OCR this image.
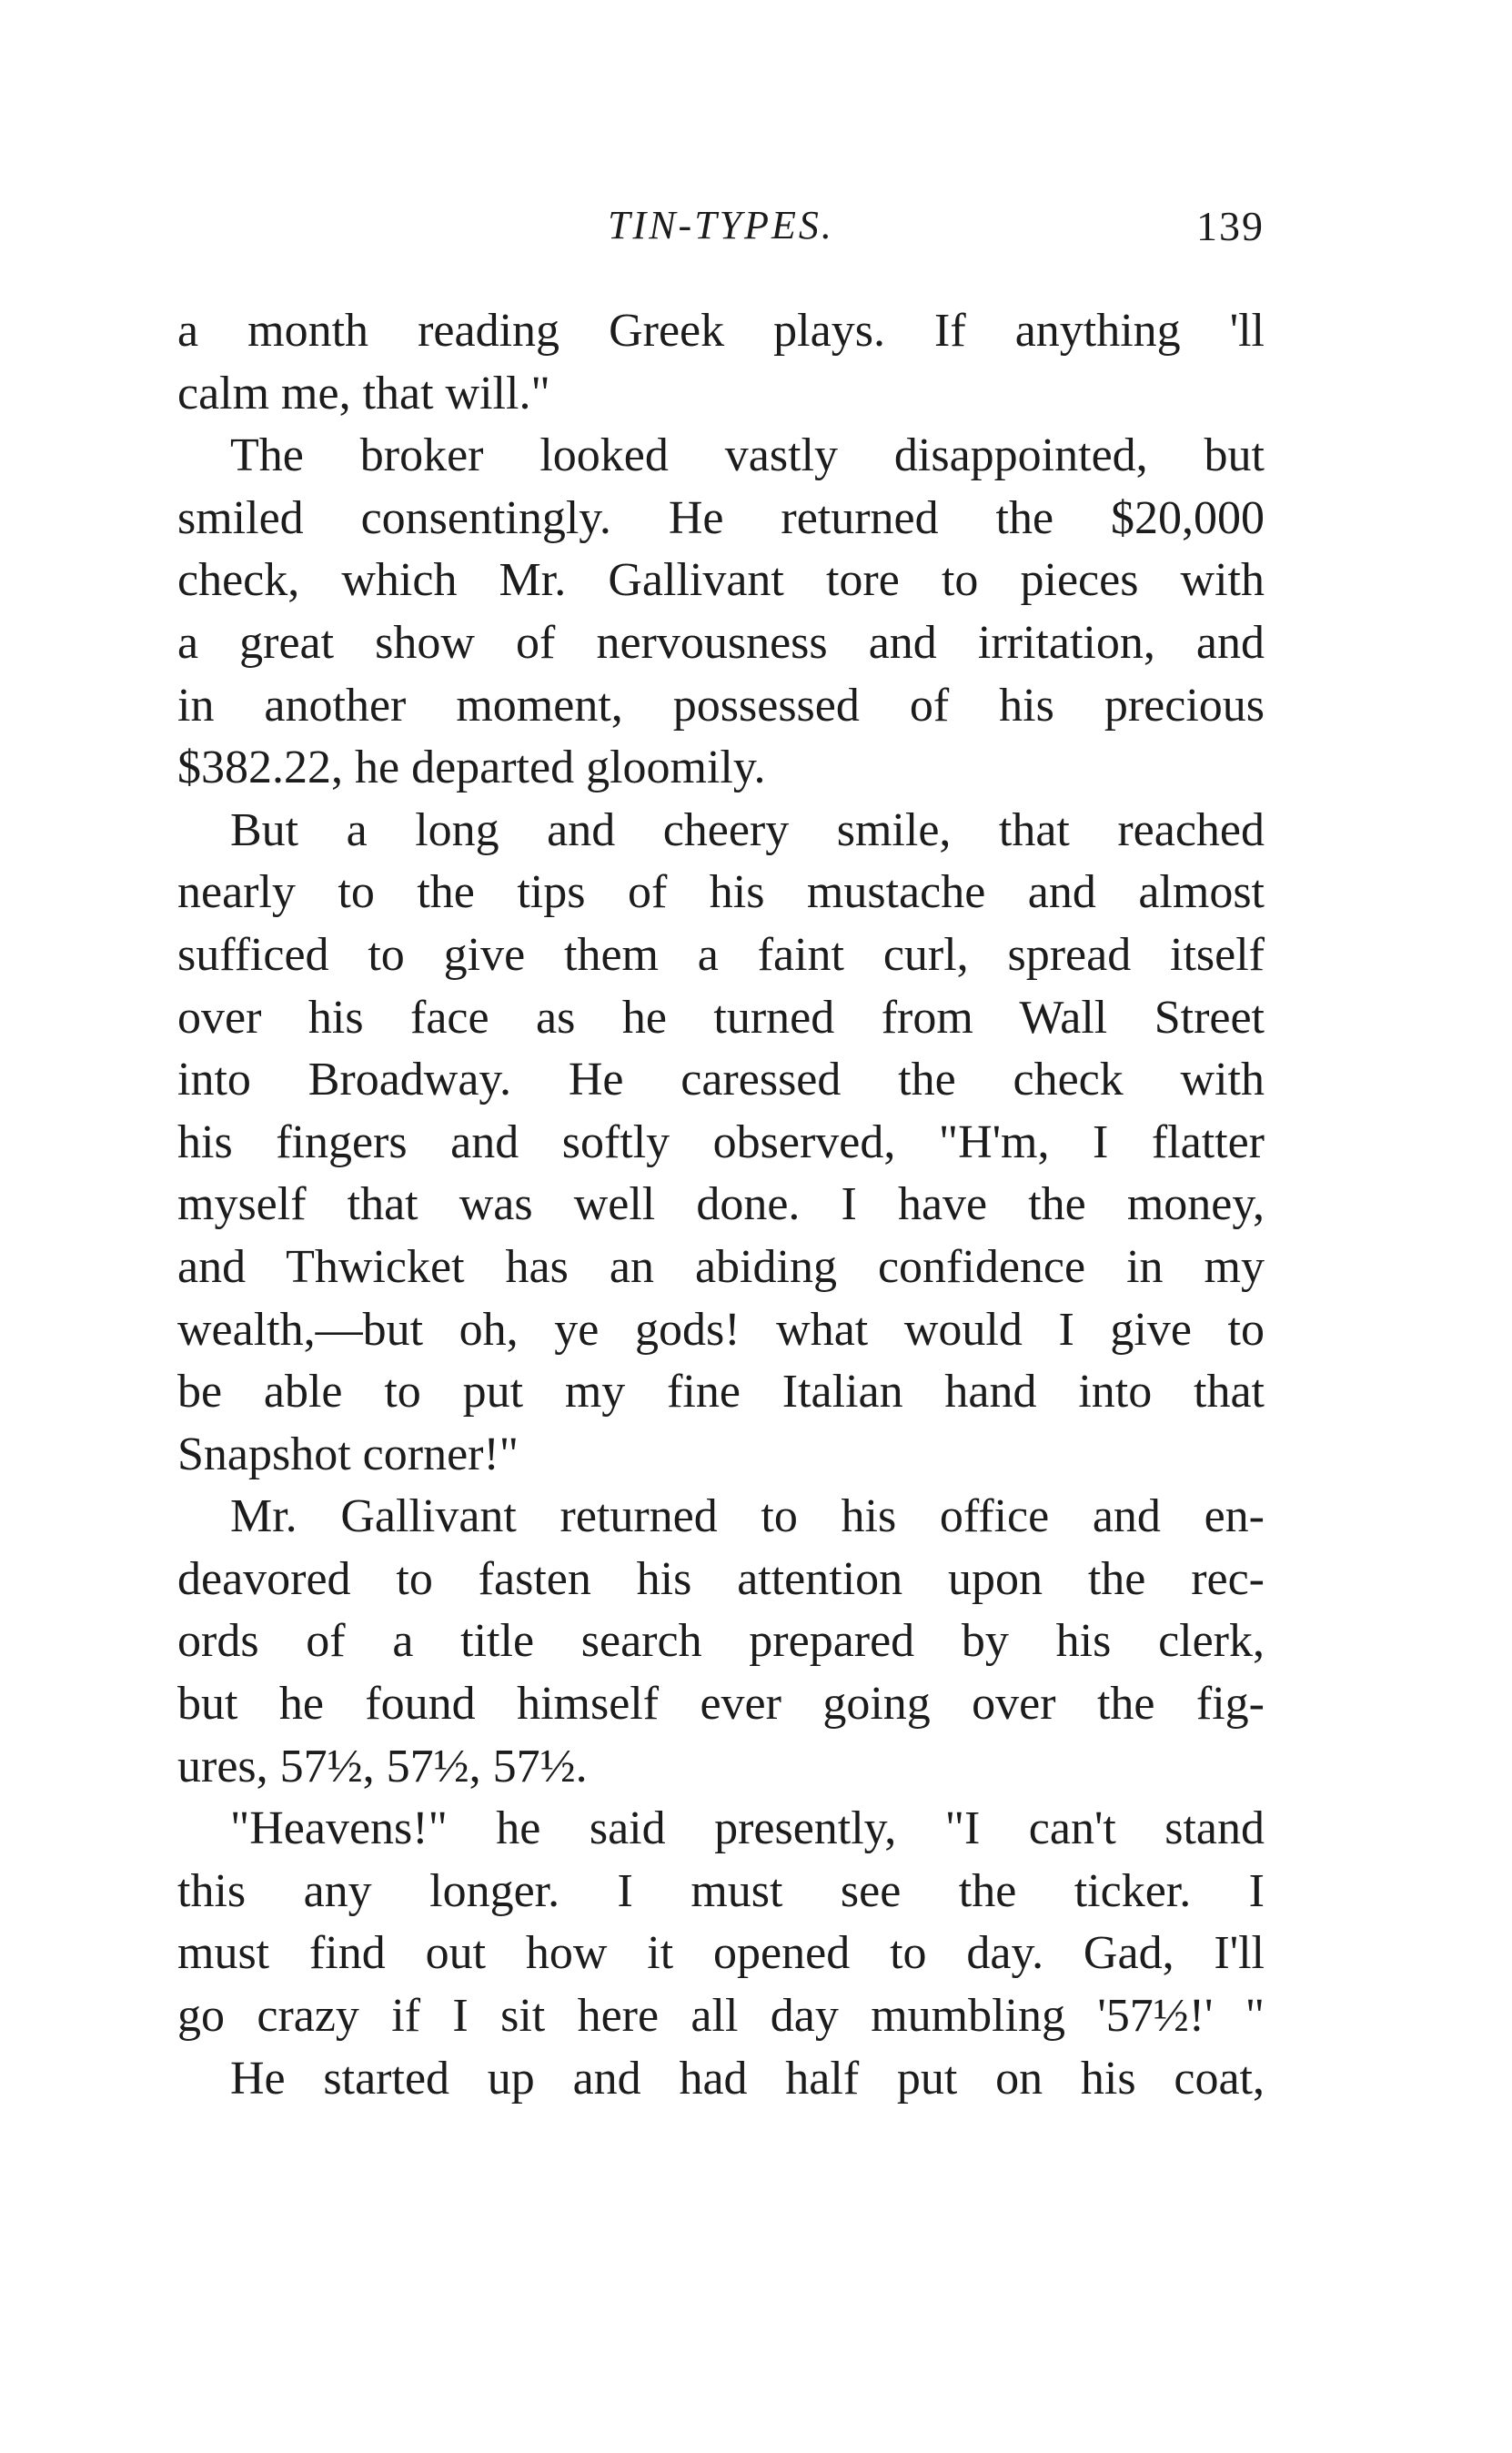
TIN-TYPES.	139
a month reading Greek plays. If anything 'll
calm me, that will."
The broker looked vastly disappointed, but
smiled consentingly. He returned the $20,000
check, which Mr. Gallivant tore to pieces with
a great show of nervousness and irritation, and
in another moment, possessed of his precious
$382.22, he departed gloomily.
But a long and cheery smile, that reached
nearly to the tips of his mustache and almost
sufficed to give them a faint curl, spread itself
over his face as he turned from Wall Street
into Broadway. He caressed the check with
his fingers and softly observed, "H'm, I flatter
myself that was well done. I have the money,
and Thwicket has an abiding confidence in my
wealth,—but oh, ye gods! what would I give to
be able to put my fine Italian hand into that
Snapshot corner!"
Mr. Gallivant returned to his office and en-
deavored to fasten his attention upon the rec-
ords of a title search prepared by his clerk,
but he found himself ever going over the fig-
ures, 57½, 57½, 57½.
"Heavens!" he said presently, "I can't stand
this any longer. I must see the ticker. I
must find out how it opened to day. Gad, I'll
go crazy if I sit here all day mumbling '57½!' "
He started up and had half put on his coat,
